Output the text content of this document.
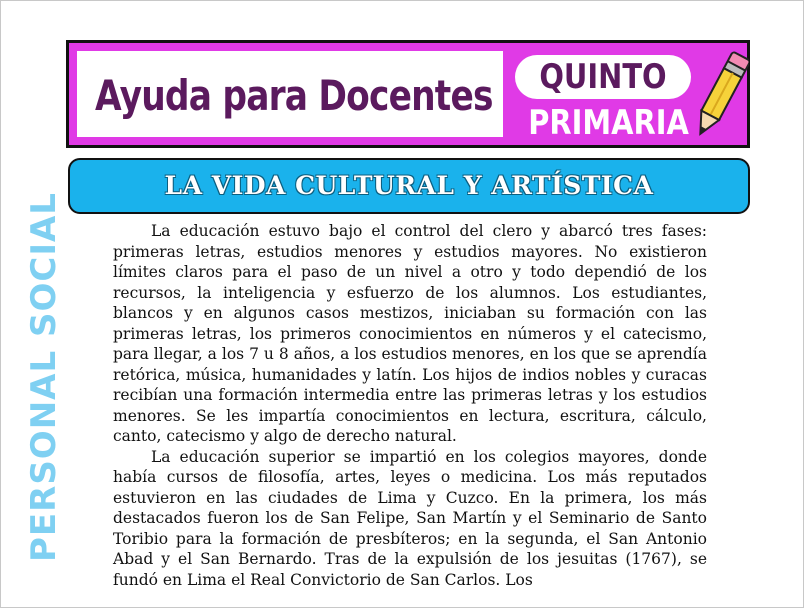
Ayuda para Docentes	QUINTO
PRIMARIA
LA VIDA CULTURAL Y ARTÍSTICA
PERSONAL SOCIAL	La educación estuvo bajo el control del clero y abarcó tres fases: primeras letras, estudios menores y estudios mayores. No existieron límites claros para el paso de un nivel a otro y todo dependió de los recursos, la inteligencia y esfuerzo de los alumnos. Los estudiantes, blancos y en algunos casos mestizos, iniciaban su formación con las primeras letras, los primeros conocimientos en números y el catecismo, para llegar, a los 7 u 8 años, a los estudios menores, en los que se aprendía retórica, música, humanidades y latín. Los hijos de indios nobles y curacas recibían una formación intermedia entre las primeras letras y los estudios menores. Se les impartía conocimientos en lectura, escritura, cálculo, canto, catecismo y algo de derecho natural.

La educación superior se impartió en los colegios mayores, donde había cursos de filosofía, artes, leyes o medicina. Los más reputados estuvieron en las ciudades de Lima y Cuzco. En la primera, los más destacados fueron los de San Felipe, San Martín y el Seminario de Santo Toribio para la formación de presbíteros; en la segunda, el San Antonio Abad y el San Bernardo. Tras de la expulsión de los jesuitas (1767), se fundó en Lima el Real Convictorio de San Carlos. Los
